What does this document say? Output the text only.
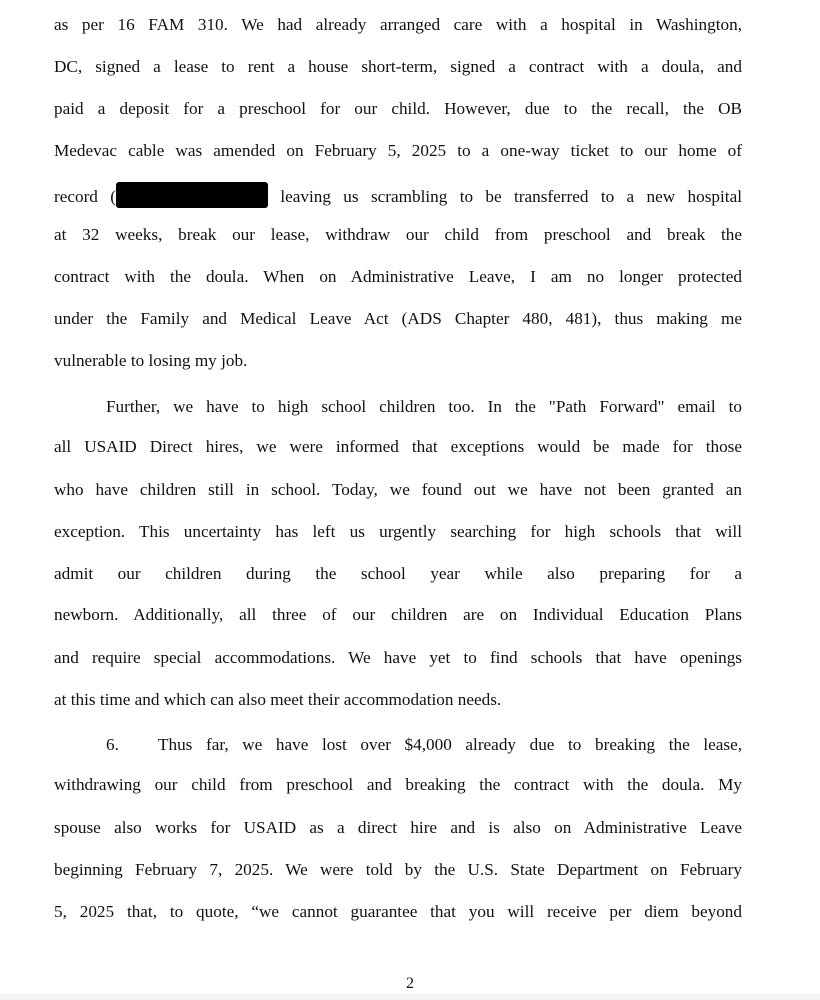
as per 16 FAM 310. We had already arranged care with a hospital in Washington,
DC, signed a lease to rent a house short-term, signed a contract with a doula, and
paid a deposit for a preschool for our child. However, due to the recall, the OB
Medevac cable was amended on February 5, 2025 to a one-way ticket to our home of
record (	leaving us scrambling to be transferred to a new hospital
at 32 weeks, break our lease, withdraw our child from preschool and break the
contract with the doula. When on Administrative Leave, I am no longer protected
under the Family and Medical Leave Act (ADS Chapter 480, 481), thus making me
vulnerable to losing my job.
Further, we have to high school children too. In the "Path Forward" email to
all USAID Direct hires, we were informed that exceptions would be made for those
who have children still in school. Today, we found out we have not been granted an
exception. This uncertainty has left us urgently searching for high schools that will
admit our children during the school year while also preparing for a
newborn. Additionally, all three of our children are on Individual Education Plans
and require special accommodations. We have yet to find schools that have openings
at this time and which can also meet their accommodation needs.
6. Thus far, we have lost over $4,000 already due to breaking the lease,
withdrawing our child from preschool and breaking the contract with the doula. My
spouse also works for USAID as a direct hire and is also on Administrative Leave
beginning February 7, 2025. We were told by the U.S. State Department on February
5, 2025 that, to quote, “we cannot guarantee that you will receive per diem beyond
2
